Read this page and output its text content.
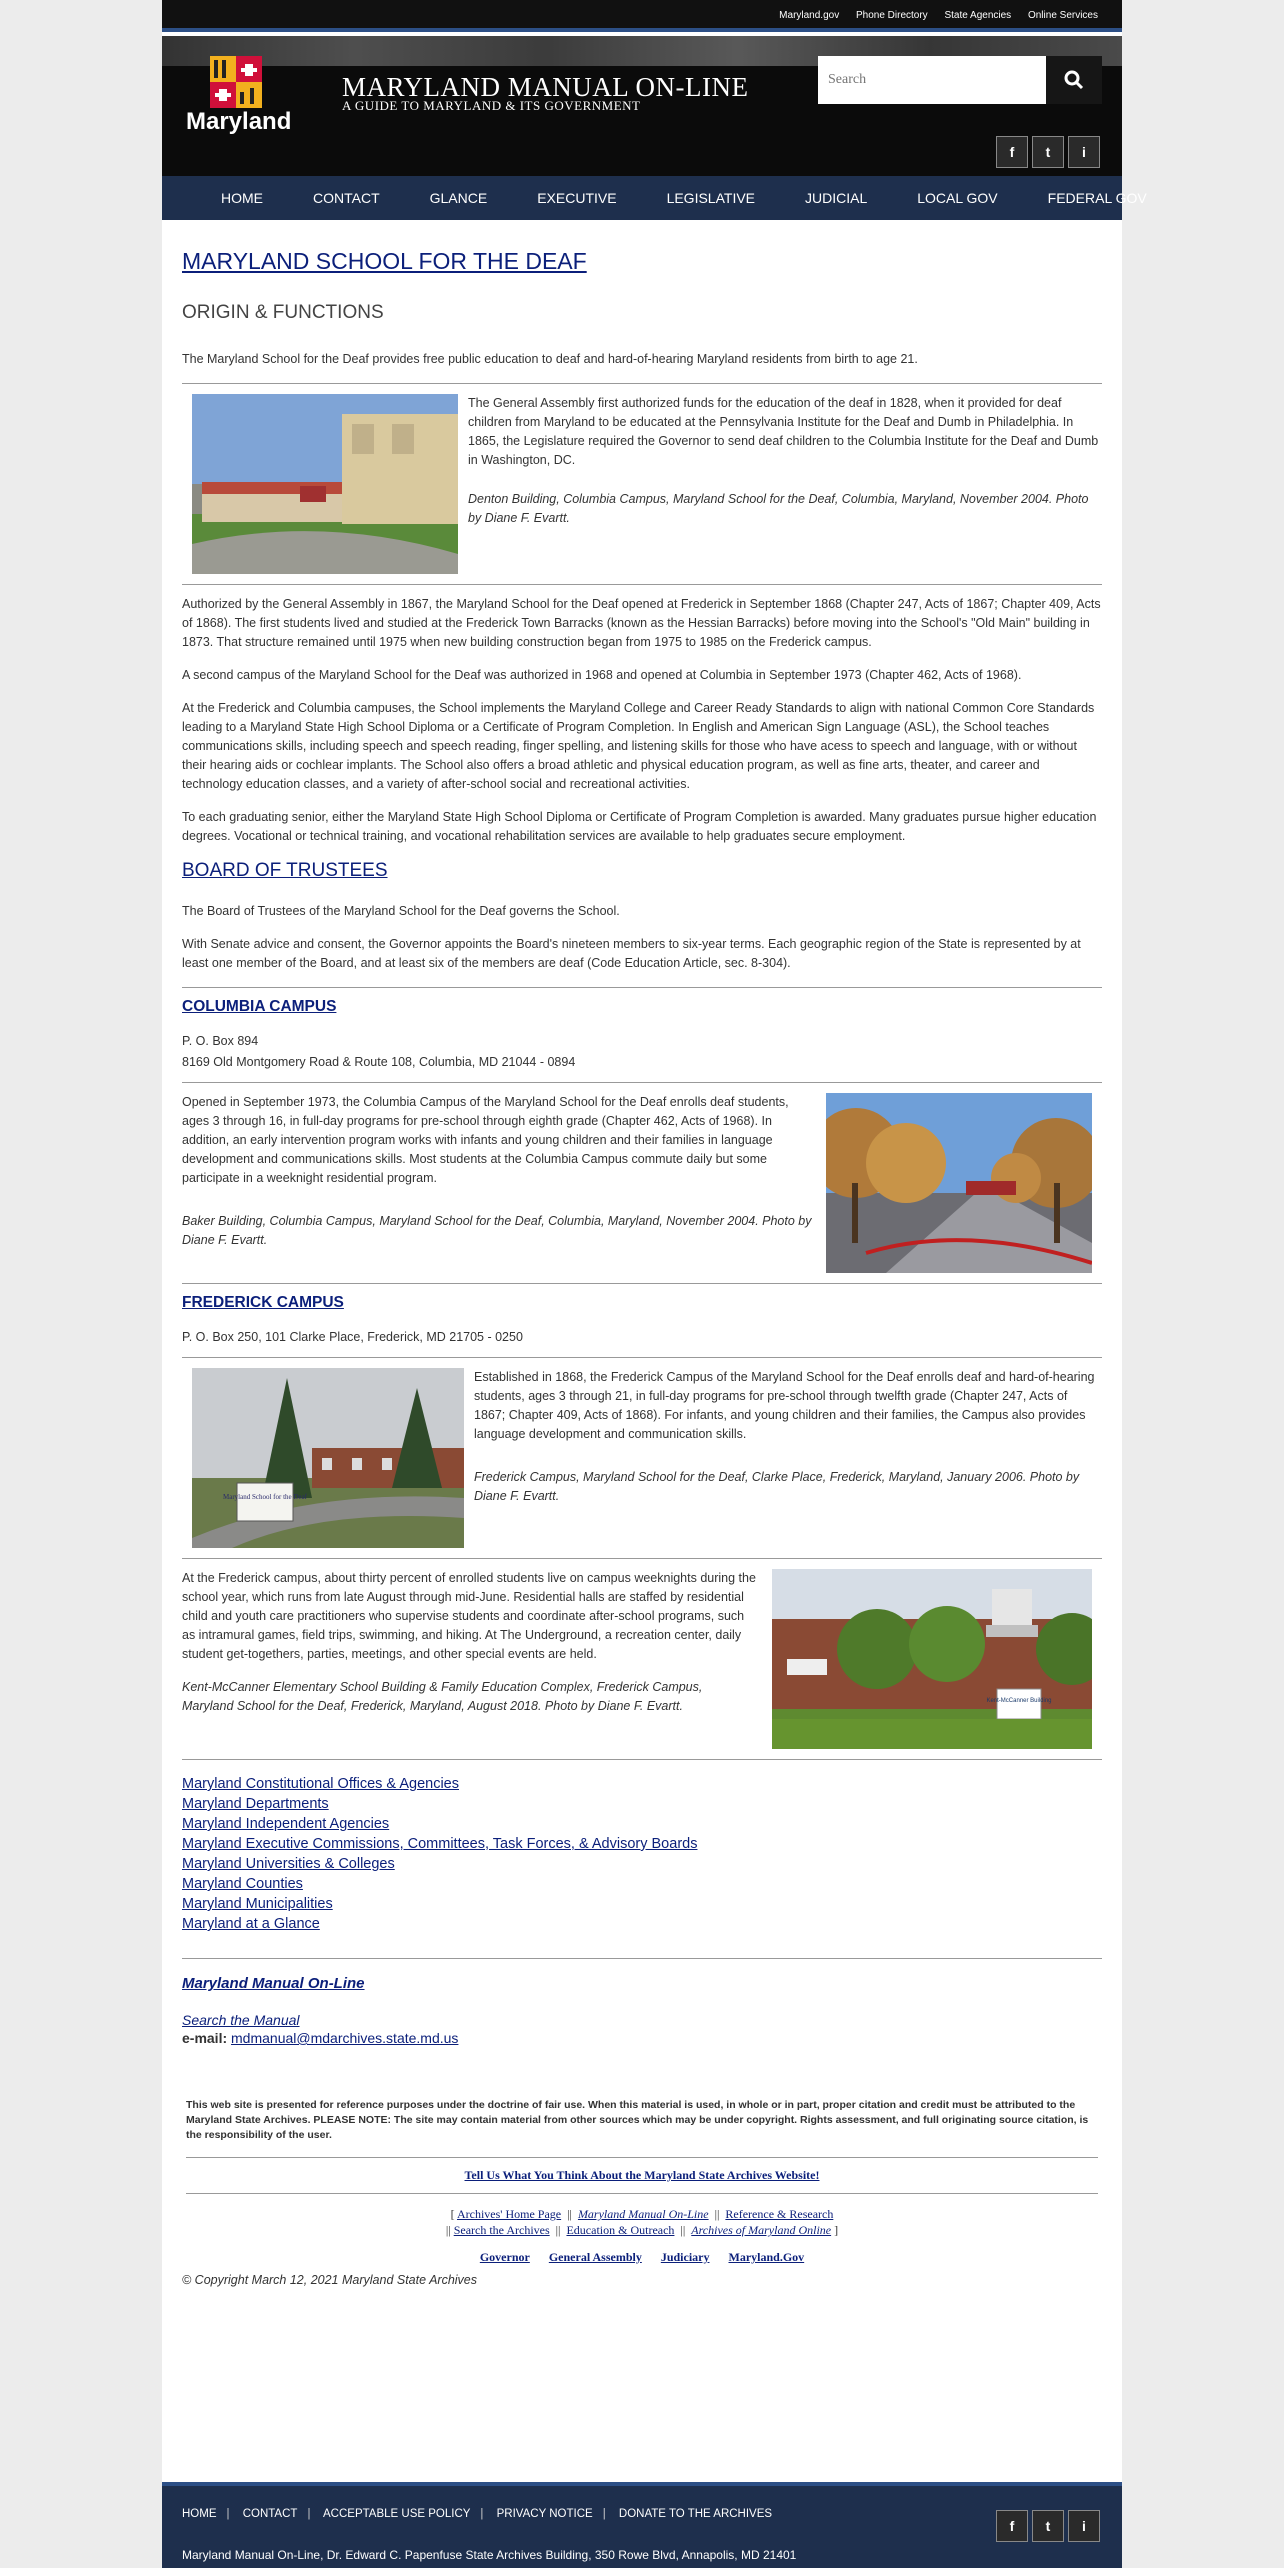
Maryland.gov Phone Directory State Agencies Online Services
Maryland
MARYLAND MANUAL ON-LINE
A GUIDE TO MARYLAND & ITS GOVERNMENT
Search
f t i
HOME	CONTACT	GLANCE	EXECUTIVE	LEGISLATIVE	JUDICIAL	LOCAL GOV	FEDERAL GOV
MARYLAND SCHOOL FOR THE DEAF
ORIGIN & FUNCTIONS

The Maryland School for the Deaf provides free public education to deaf and hard-of-hearing Maryland residents from birth to age 21.

The General Assembly first authorized funds for the education of the deaf in 1828, when it provided for deaf children from Maryland to be educated at the Pennsylvania Institute for the Deaf and Dumb in Philadelphia. In 1865, the Legislature required the Governor to send deaf children to the Columbia Institute for the Deaf and Dumb in Washington, DC.

Denton Building, Columbia Campus, Maryland School for the Deaf, Columbia, Maryland, November 2004. Photo by Diane F. Evartt.

Authorized by the General Assembly in 1867, the Maryland School for the Deaf opened at Frederick in September 1868 (Chapter 247, Acts of 1867; Chapter 409, Acts of 1868). The first students lived and studied at the Frederick Town Barracks (known as the Hessian Barracks) before moving into the School's "Old Main" building in 1873. That structure remained until 1975 when new building construction began from 1975 to 1985 on the Frederick campus.

A second campus of the Maryland School for the Deaf was authorized in 1968 and opened at Columbia in September 1973 (Chapter 462, Acts of 1968).

At the Frederick and Columbia campuses, the School implements the Maryland College and Career Ready Standards to align with national Common Core Standards leading to a Maryland State High School Diploma or a Certificate of Program Completion. In English and American Sign Language (ASL), the School teaches communications skills, including speech and speech reading, finger spelling, and listening skills for those who have acess to speech and language, with or without their hearing aids or cochlear implants. The School also offers a broad athletic and physical education program, as well as fine arts, theater, and career and technology education classes, and a variety of after-school social and recreational activities.

To each graduating senior, either the Maryland State High School Diploma or Certificate of Program Completion is awarded. Many graduates pursue higher education degrees. Vocational or technical training, and vocational rehabilitation services are available to help graduates secure employment.

BOARD OF TRUSTEES

The Board of Trustees of the Maryland School for the Deaf governs the School.

With Senate advice and consent, the Governor appoints the Board's nineteen members to six-year terms. Each geographic region of the State is represented by at least one member of the Board, and at least six of the members are deaf (Code Education Article, sec. 8-304).

COLUMBIA CAMPUS

P. O. Box 894

8169 Old Montgomery Road & Route 108, Columbia, MD 21044 - 0894

Opened in September 1973, the Columbia Campus of the Maryland School for the Deaf enrolls deaf students, ages 3 through 16, in full-day programs for pre-school through eighth grade (Chapter 462, Acts of 1968). In addition, an early intervention program works with infants and young children and their families in language development and communications skills. Most students at the Columbia Campus commute daily but some participate in a weeknight residential program.

Baker Building, Columbia Campus, Maryland School for the Deaf, Columbia, Maryland, November 2004. Photo by Diane F. Evartt.

FREDERICK CAMPUS

P. O. Box 250, 101 Clarke Place, Frederick, MD 21705 - 0250

Maryland School for the Deaf

Established in 1868, the Frederick Campus of the Maryland School for the Deaf enrolls deaf and hard-of-hearing students, ages 3 through 21, in full-day programs for pre-school through twelfth grade (Chapter 247, Acts of 1867; Chapter 409, Acts of 1868). For infants, and young children and their families, the Campus also provides language development and communication skills.

Frederick Campus, Maryland School for the Deaf, Clarke Place, Frederick, Maryland, January 2006. Photo by Diane F. Evartt.

At the Frederick campus, about thirty percent of enrolled students live on campus weeknights during the school year, which runs from late August through mid-June. Residential halls are staffed by residential child and youth care practitioners who supervise students and coordinate after-school programs, such as intramural games, field trips, swimming, and hiking. At The Underground, a recreation center, daily student get-togethers, parties, meetings, and other special events are held.

Kent-McCanner Elementary School Building & Family Education Complex, Frederick Campus, Maryland School for the Deaf, Frederick, Maryland, August 2018. Photo by Diane F. Evartt.	Kent-McCanner Building
Maryland Constitutional Offices & Agencies
Maryland Departments
Maryland Independent Agencies
Maryland Executive Commissions, Committees, Task Forces, & Advisory Boards
Maryland Universities & Colleges
Maryland Counties
Maryland Municipalities
Maryland at a Glance
Maryland Manual On-Line
Search the Manual
e-mail: mdmanual@mdarchives.state.md.us
This web site is presented for reference purposes under the doctrine of fair use. When this material is used, in whole or in part, proper citation and credit must be attributed to the Maryland State Archives. PLEASE NOTE: The site may contain material from other sources which may be under copyright. Rights assessment, and full originating source citation, is the responsibility of the user.
Tell Us What You Think About the Maryland State Archives Website!
[ Archives' Home Page  ||  Maryland Manual On-Line  ||  Reference & Research
|| Search the Archives  ||  Education & Outreach  ||  Archives of Maryland Online ]
Governor General Assembly Judiciary Maryland.Gov
© Copyright March 12, 2021 Maryland State Archives
HOME | CONTACT | ACCEPTABLE USE POLICY | PRIVACY NOTICE | DONATE TO THE ARCHIVES
f t i
Maryland Manual On-Line, Dr. Edward C. Papenfuse State Archives Building, 350 Rowe Blvd, Annapolis, MD 21401
